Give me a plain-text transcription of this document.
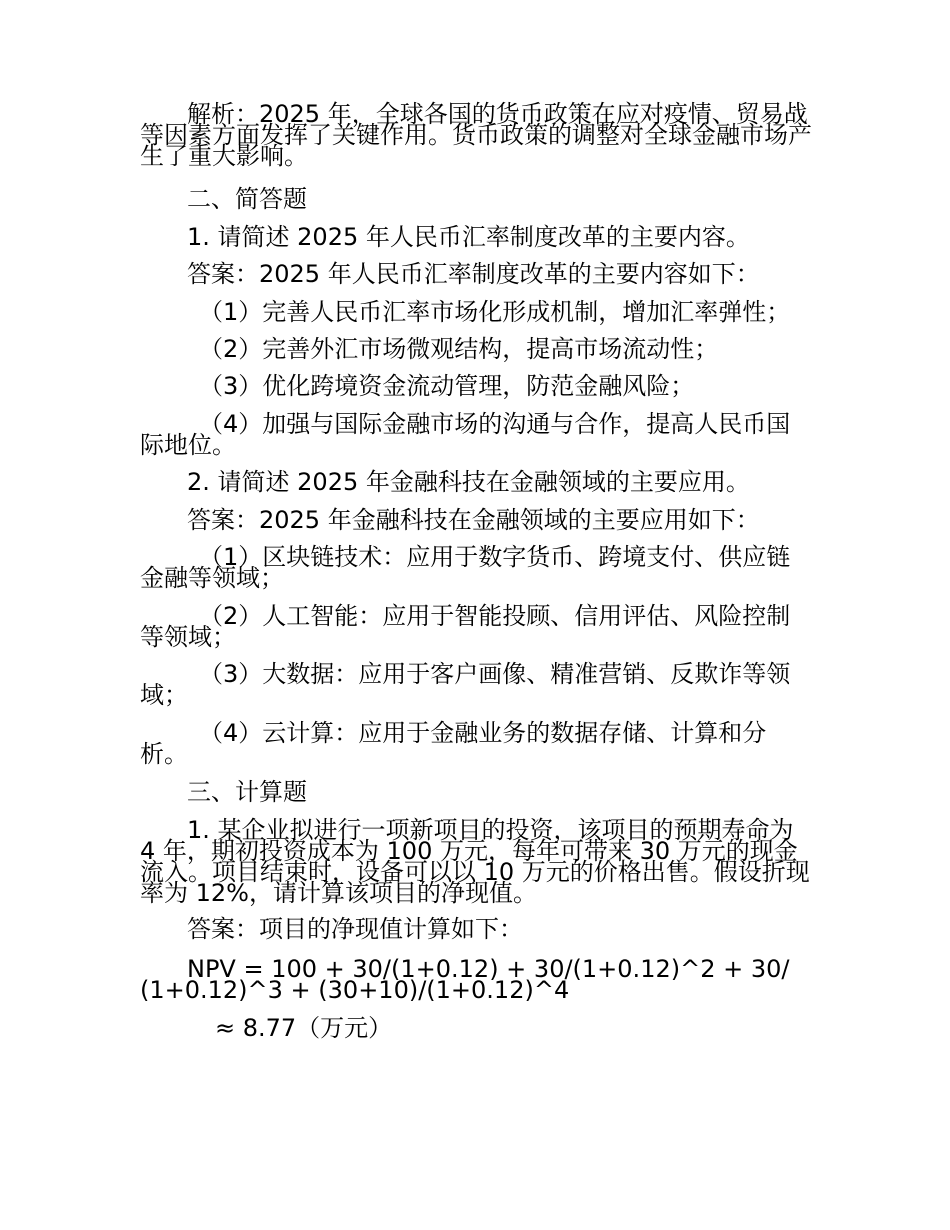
解析：2025 年，全球各国的货币政策在应对疫情、贸易战等因素方面发挥了关键作用。货币政策的调整对全球金融市场产生了重大影响。

二、简答题

1. 请简述 2025 年人民币汇率制度改革的主要内容。

答案：2025 年人民币汇率制度改革的主要内容如下：

（1）完善人民币汇率市场化形成机制，增加汇率弹性；

（2）完善外汇市场微观结构，提高市场流动性；

（3）优化跨境资金流动管理，防范金融风险；

（4）加强与国际金融市场的沟通与合作，提高人民币国际地位。

2. 请简述 2025 年金融科技在金融领域的主要应用。

答案：2025 年金融科技在金融领域的主要应用如下：

（1）区块链技术：应用于数字货币、跨境支付、供应链金融等领域；

（2）人工智能：应用于智能投顾、信用评估、风险控制等领域；

（3）大数据：应用于客户画像、精准营销、反欺诈等领域；

（4）云计算：应用于金融业务的数据存储、计算和分析。

三、计算题

1. 某企业拟进行一项新项目的投资，该项目的预期寿命为 4 年，期初投资成本为 100 万元，每年可带来 30 万元的现金流入。项目结束时，设备可以以 10 万元的价格出售。假设折现率为 12%，请计算该项目的净现值。

答案：项目的净现值计算如下：

NPV = 100 + 30/(1+0.12) + 30/(1+0.12)^2 + 30/(1+0.12)^3 + (30+10)/(1+0.12)^4

≈ 8.77（万元）
